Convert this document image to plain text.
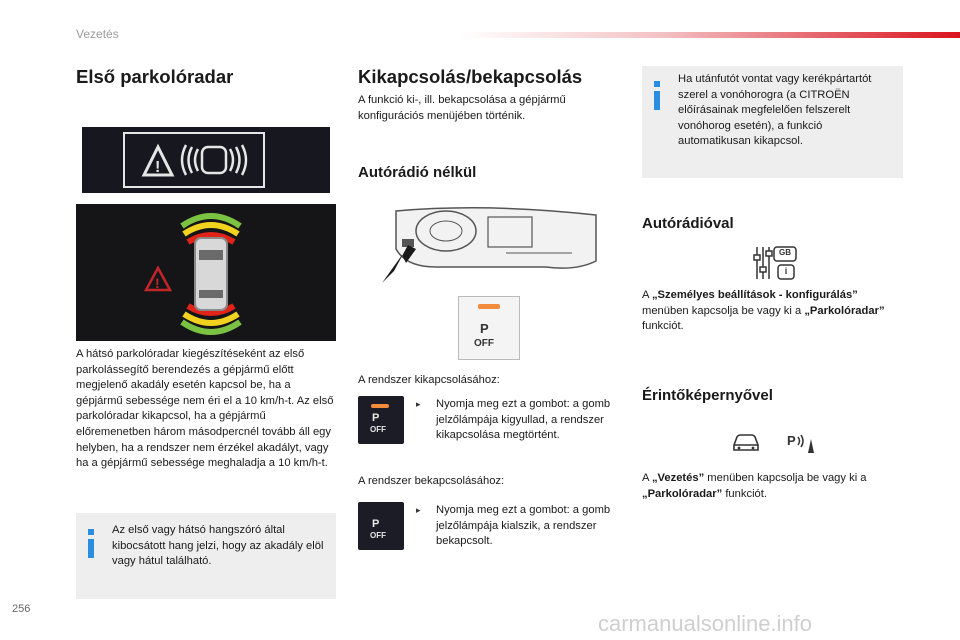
Vezetés
Első parkolóradar
!
!
A hátsó parkolóradar kiegészítéseként az első parkolássegítő berendezés a gépjármű előtt megjelenő akadály esetén kapcsol be, ha a gépjármű sebessége nem éri el a 10 km/h-t. Az első parkolóradar kikapcsol, ha a gépjármű előremenetben három másodpercnél tovább áll egy helyben, ha a rendszer nem érzékel akadályt, vagy ha a gépjármű sebessége meghaladja a 10 km/h-t.
Az első vagy hátsó hangszóró által kibocsátott hang jelzi, hogy az akadály elöl vagy hátul található.
Kikapcsolás/bekapcsolás
A funkció ki-, ill. bekapcsolása a gépjármű konfigurációs menüjében történik.
Autórádió nélkül
P
OFF
A rendszer kikapcsolásához:
P
OFF
▸ Nyomja meg ezt a gombot: a gomb jelzőlámpája kigyullad, a rendszer kikapcsolása megtörtént.
A rendszer bekapcsolásához:
P
OFF
▸ Nyomja meg ezt a gombot: a gomb jelzőlámpája kialszik, a rendszer bekapcsolt.
Ha utánfutót vontat vagy kerékpártartót szerel a vonóhorogra (a CITROËN előírásainak megfelelően felszerelt vonóhorog esetén), a funkció automatikusan kikapcsol.
Autórádióval
GB
i
A „Személyes beállítások - konfigurálás” menüben kapcsolja be vagy ki a „Parkolóradar” funkciót.
Érintőképernyővel
P
A „Vezetés” menüben kapcsolja be vagy ki a „Parkolóradar” funkciót.
256
carmanualsonline.info
